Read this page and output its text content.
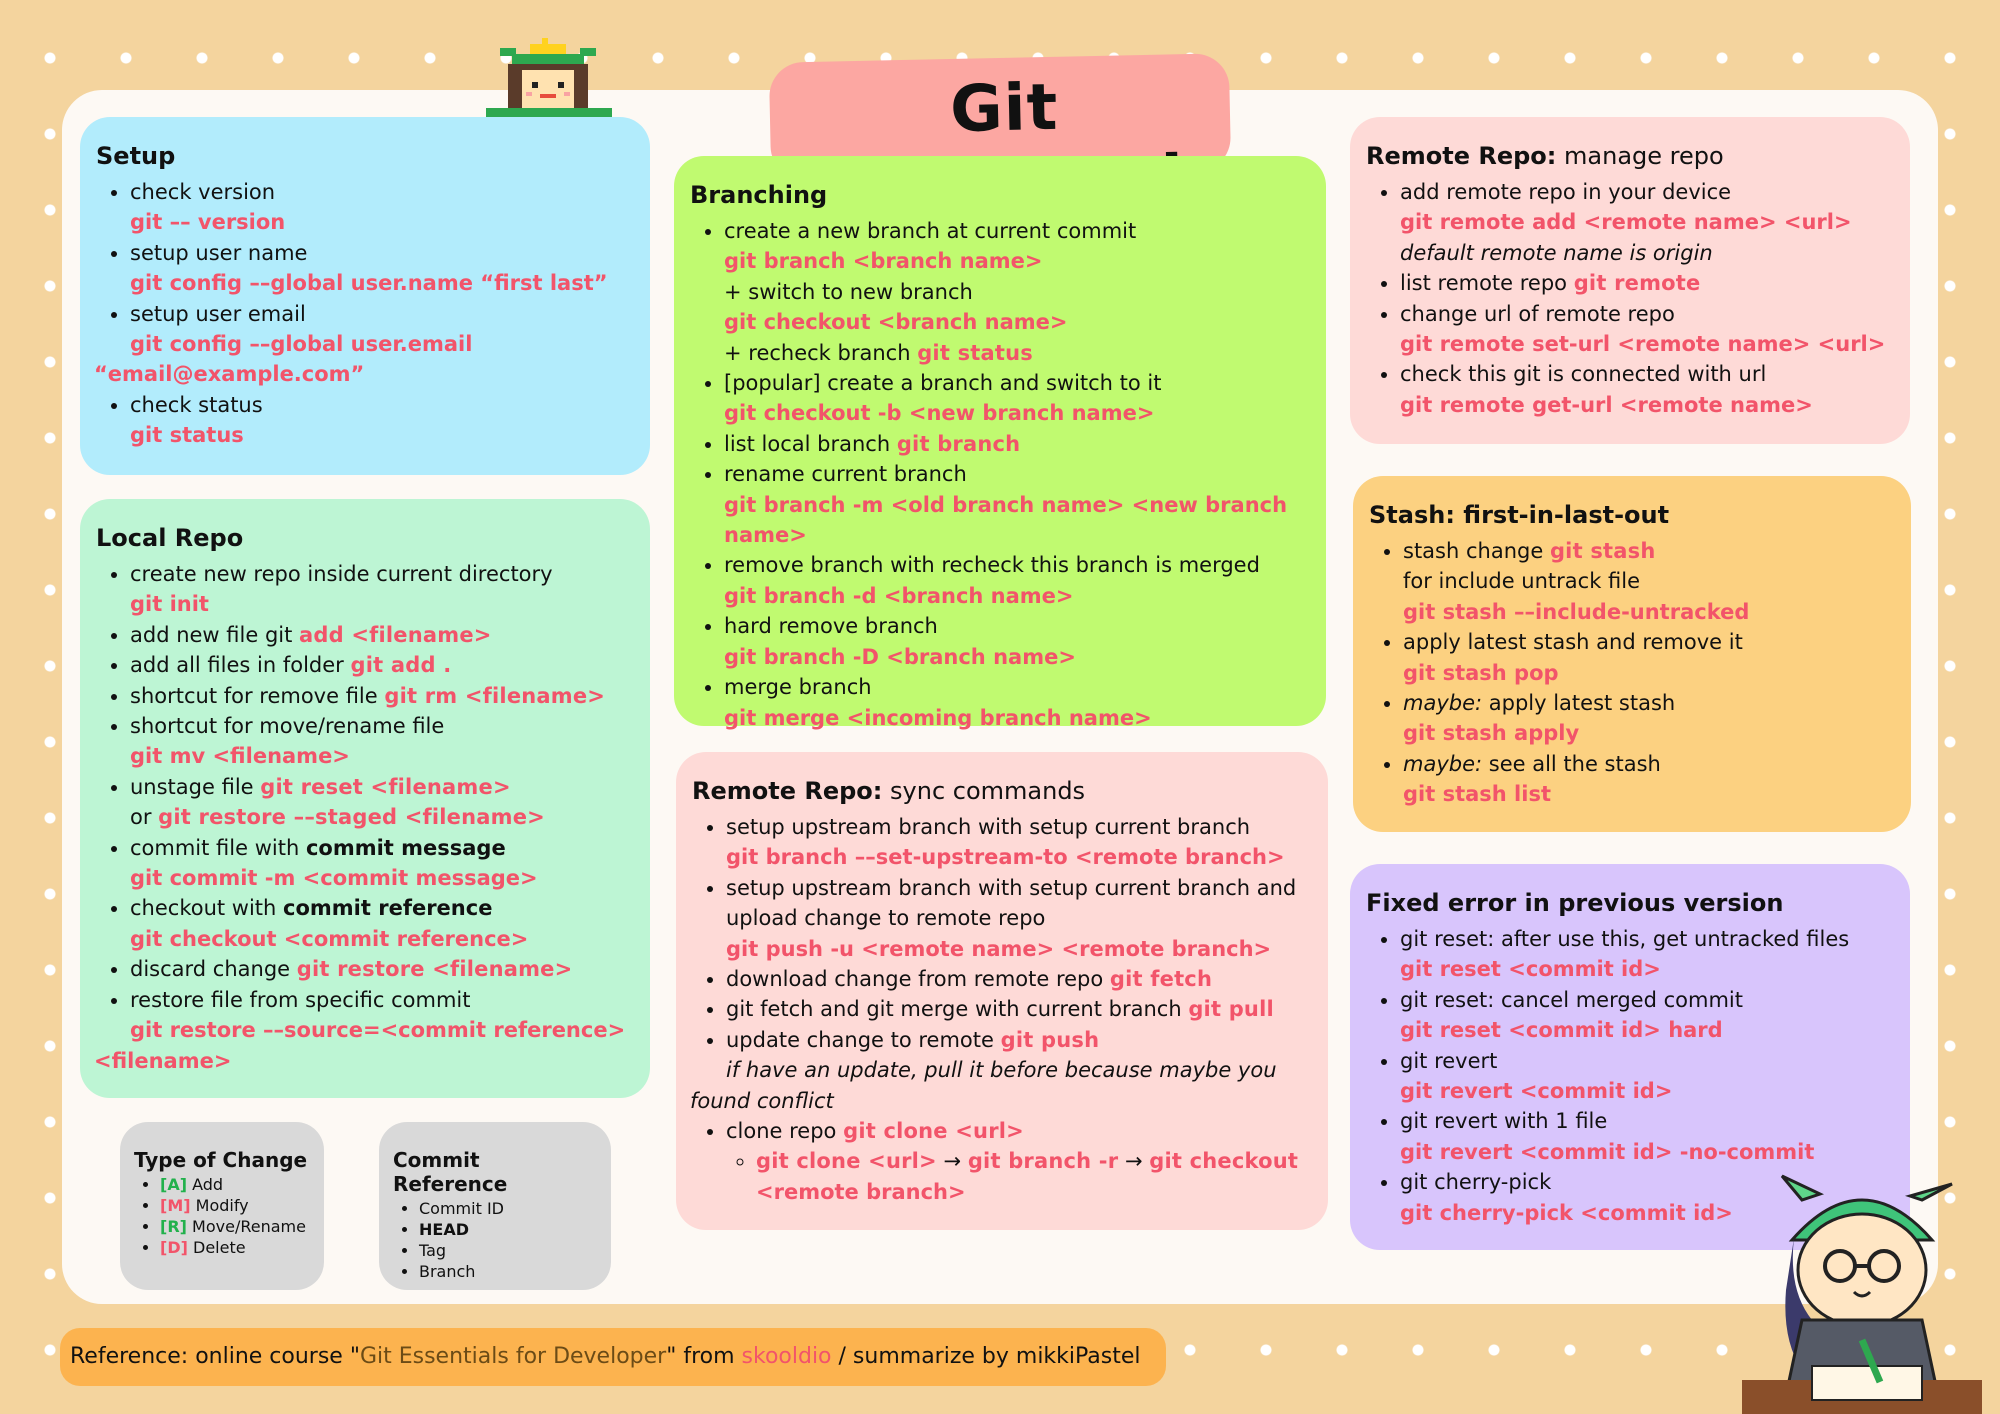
Git
Setup
• check version
git –– version
• setup user name
git config ––global user.name “first last”
• setup user email
git config ––global user.email
“email@example.com”
• check status
git status
Local Repo
• create new repo inside current directory
git init
• add new file git add <filename>
• add all files in folder git add .
• shortcut for remove file git rm <filename>
• shortcut for move/rename file
git mv <filename>
• unstage file git reset <filename>
or git restore ––staged <filename>
• commit file with commit message
git commit -m <commit message>
• checkout with commit reference
git checkout <commit reference>
• discard change git restore <filename>
• restore file from specific commit
git restore ––source=<commit reference>
<filename>
Branching
• create a new branch at current commit
git branch <branch name>
+ switch to new branch
git checkout <branch name>
+ recheck branch git status
• [popular] create a branch and switch to it
git checkout -b <new branch name>
• list local branch git branch
• rename current branch
git branch -m <old branch name> <new branch name>
• remove branch with recheck this branch is merged
git branch -d <branch name>
• hard remove branch
git branch -D <branch name>
• merge branch
git merge <incoming branch name>
Remote Repo: sync commands
• setup upstream branch with setup current branch
git branch ––set-upstream-to <remote branch>
• setup upstream branch with setup current branch and upload change to remote repo
git push -u <remote name> <remote branch>
• download change from remote repo git fetch
• git fetch and git merge with current branch git pull
• update change to remote git push
if have an update, pull it before because maybe you
found conflict
• clone repo git clone <url>
◦ git clone <url> → git branch -r → git checkout
<remote branch>
Remote Repo: manage repo
• add remote repo in your device
git remote add <remote name> <url>
default remote name is origin
• list remote repo git remote
• change url of remote repo
git remote set-url <remote name> <url>
• check this git is connected with url
git remote get-url <remote name>
Stash: first-in-last-out
• stash change git stash
for include untrack file
git stash ––include-untracked
• apply latest stash and remove it
git stash pop
• maybe: apply latest stash
git stash apply
• maybe: see all the stash
git stash list
Fixed error in previous version
• git reset: after use this, get untracked files
git reset <commit id>
• git reset: cancel merged commit
git reset <commit id> hard
• git revert
git revert <commit id>
• git revert with 1 file
git revert <commit id> -no-commit
• git cherry-pick
git cherry-pick <commit id>
Type of Change
• [A] Add
• [M] Modify
• [R] Move/Rename
• [D] Delete
Commit Reference
• Commit ID
• HEAD
• Tag
• Branch
Reference: online course "Git Essentials for Developer" from skooldio / summarize by mikkiPastel
